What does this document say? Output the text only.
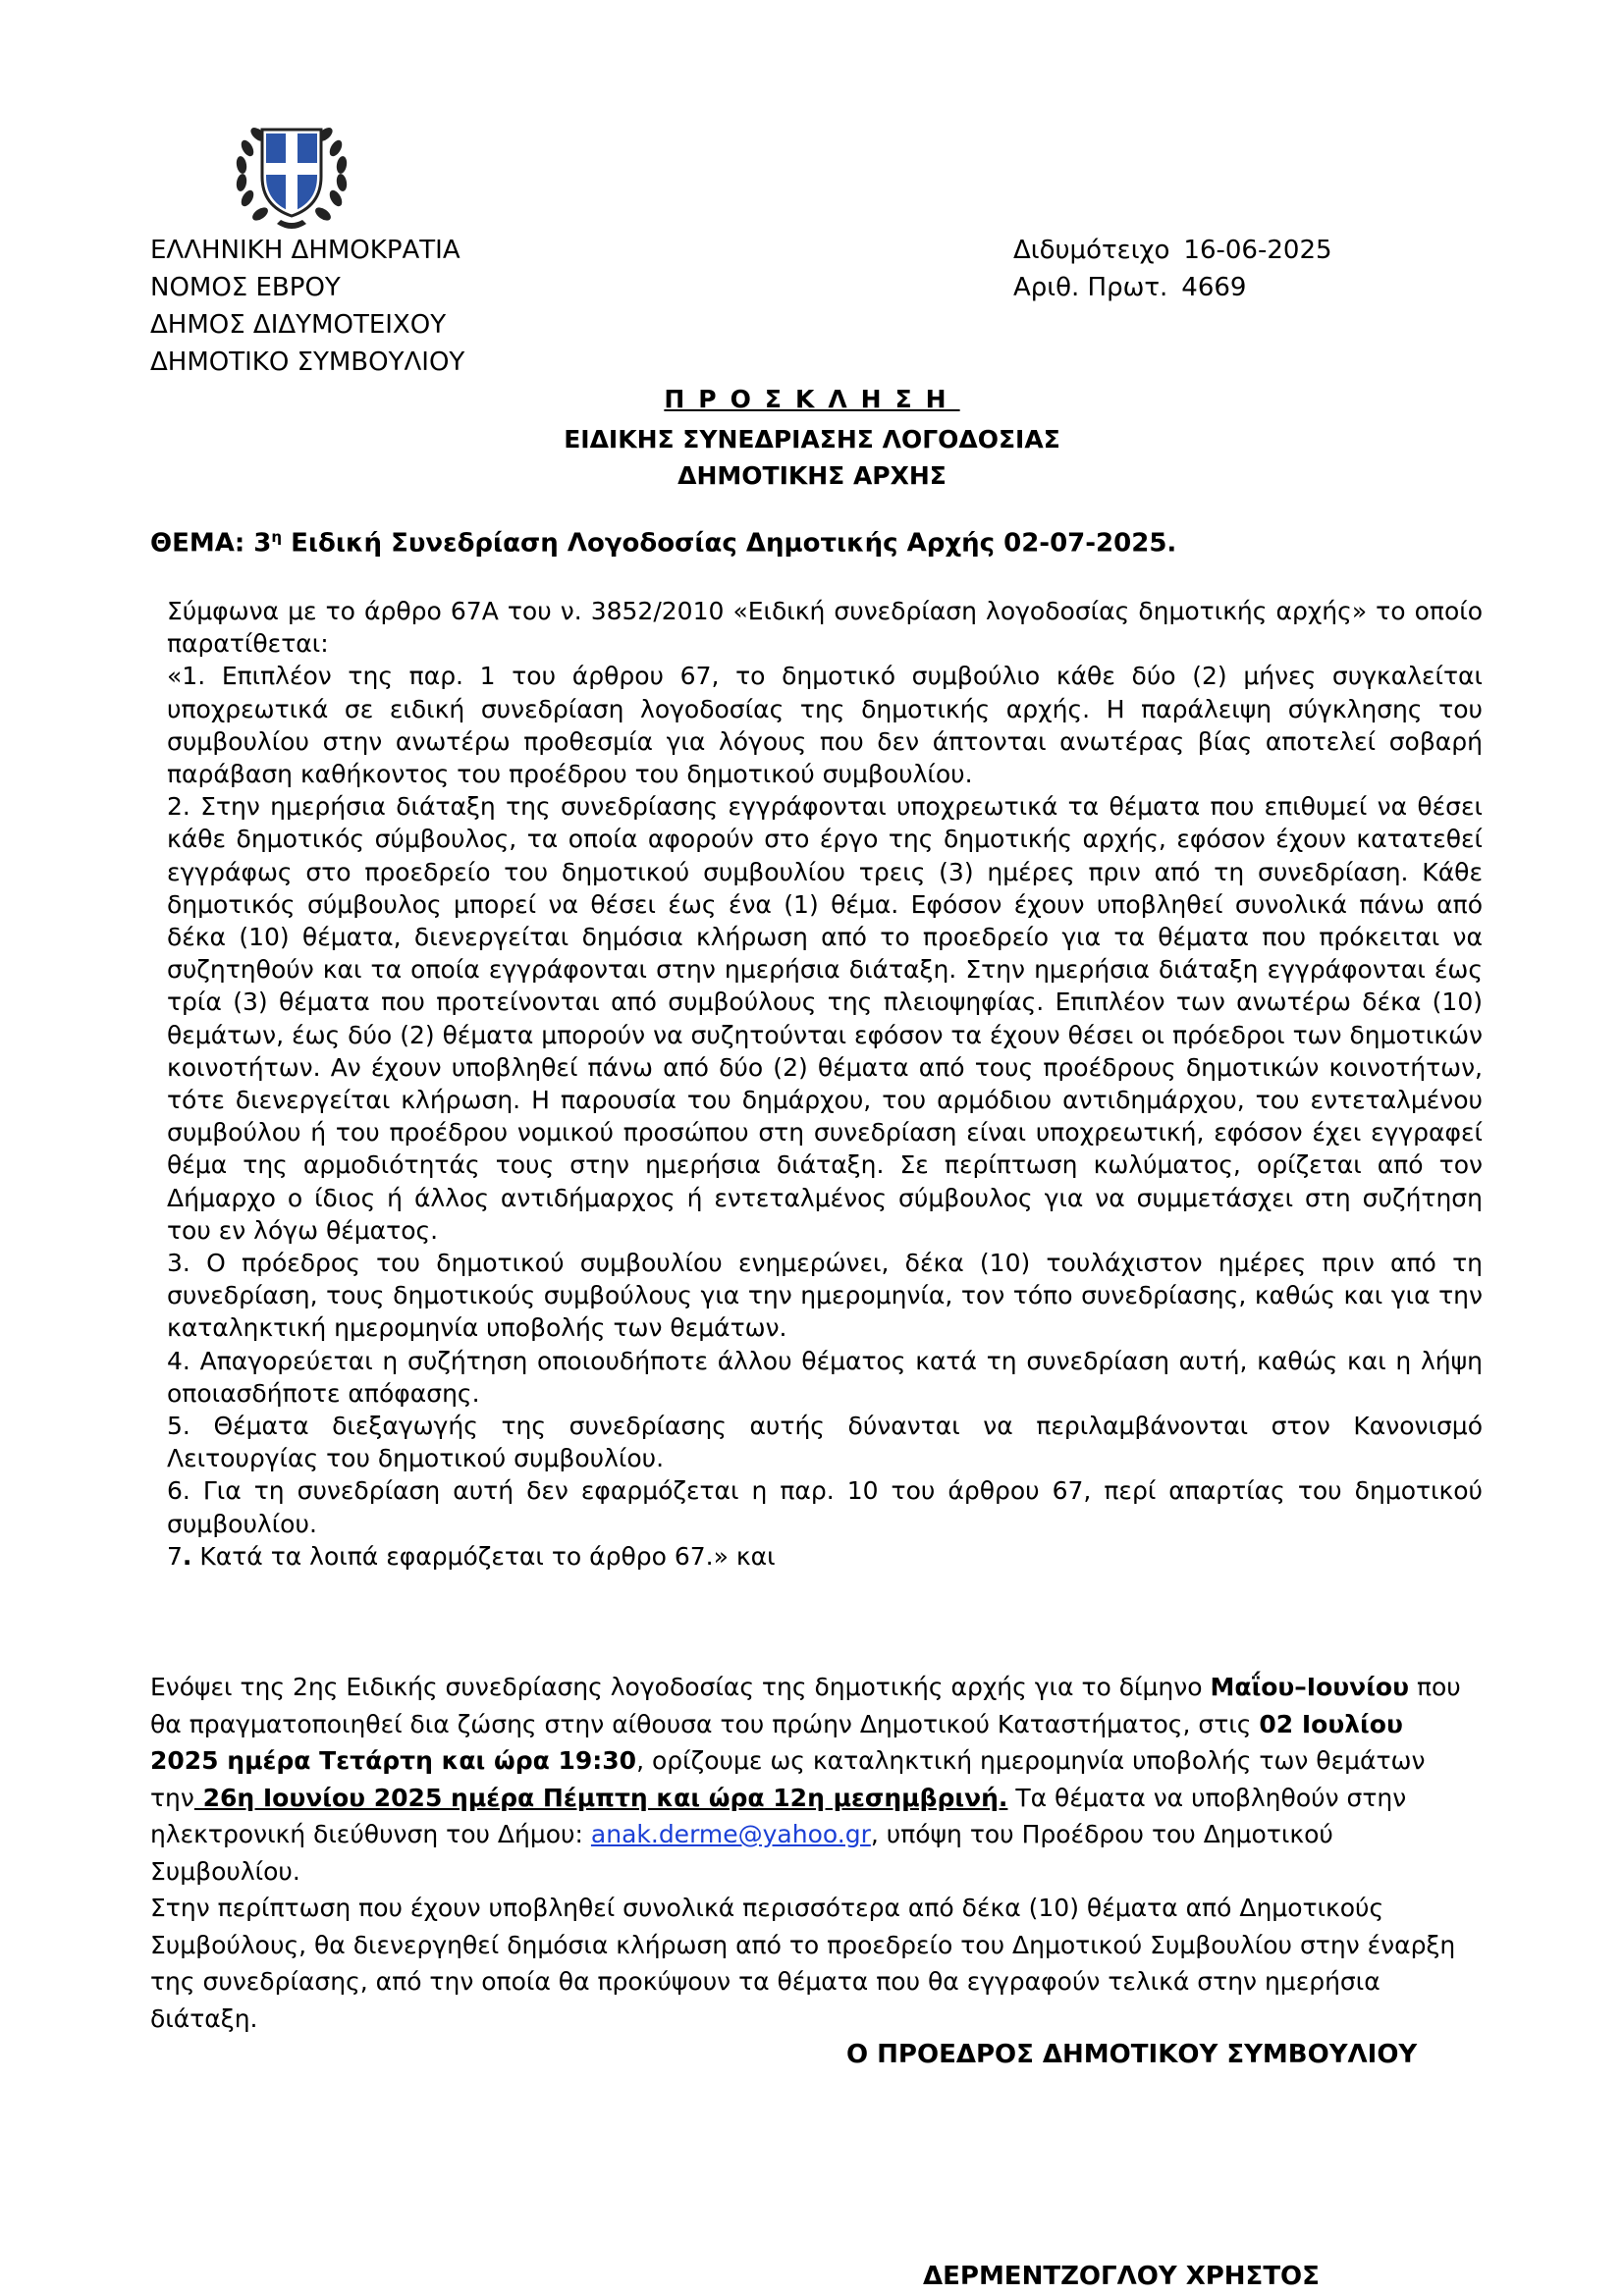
ΕΛΛΗΝΙΚΗ ΔΗΜΟΚΡΑΤΙΑ
ΝΟΜΟΣ ΕΒΡΟΥ
ΔΗΜΟΣ ΔΙΔΥΜΟΤΕΙΧΟΥ
ΔΗΜΟΤΙΚΟ ΣΥΜΒΟΥΛΙΟΥ
Διδυμότειχο 16-06-2025
Αριθ. Πρωτ. 4669
ΠΡΟΣΚΛΗΣΗ
ΕΙΔΙΚΗΣ ΣΥΝΕΔΡΙΑΣΗΣ ΛΟΓΟΔΟΣΙΑΣ
ΔΗΜΟΤΙΚΗΣ ΑΡΧΗΣ
ΘΕΜΑ: $3^\eta$ Ειδική Συνεδρίαση Λογοδοσίας Δημοτικής Αρχής 02-07-2025.

Σύμφωνα με το άρθρο 67Α του ν. 3852/2010 «Ειδική συνεδρίαση λογοδοσίας δημοτικής αρχής» το οποίο παρατίθεται:

«1. Επιπλέον της παρ. 1 του άρθρου 67, το δημοτικό συμβούλιο κάθε δύο (2) μήνες συγκαλείται υποχρεωτικά σε ειδική συνεδρίαση λογοδοσίας της δημοτικής αρχής. Η παράλειψη σύγκλησης του συμβουλίου στην ανωτέρω προθεσμία για λόγους που δεν άπτονται ανωτέρας βίας αποτελεί σοβαρή παράβαση καθήκοντος του προέδρου του δημοτικού συμβουλίου.

2. Στην ημερήσια διάταξη της συνεδρίασης εγγράφονται υποχρεωτικά τα θέματα που επιθυμεί να θέσει κάθε δημοτικός σύμβουλος, τα οποία αφορούν στο έργο της δημοτικής αρχής, εφόσον έχουν κατατεθεί εγγράφως στο προεδρείο του δημοτικού συμβουλίου τρεις (3) ημέρες πριν από τη συνεδρίαση. Κάθε δημοτικός σύμβουλος μπορεί να θέσει έως ένα (1) θέμα. Εφόσον έχουν υποβληθεί συνολικά πάνω από δέκα (10) θέματα, διενεργείται δημόσια κλήρωση από το προεδρείο για τα θέματα που πρόκειται να συζητηθούν και τα οποία εγγράφονται στην ημερήσια διάταξη. Στην ημερήσια διάταξη εγγράφονται έως τρία (3) θέματα που προτείνονται από συμβούλους της πλειοψηφίας. Επιπλέον των ανωτέρω δέκα (10) θεμάτων, έως δύο (2) θέματα μπορούν να συζητούνται εφόσον τα έχουν θέσει οι πρόεδροι των δημοτικών κοινοτήτων. Αν έχουν υποβληθεί πάνω από δύο (2) θέματα από τους προέδρους δημοτικών κοινοτήτων, τότε διενεργείται κλήρωση. Η παρουσία του δημάρχου, του αρμόδιου αντιδημάρχου, του εντεταλμένου συμβούλου ή του προέδρου νομικού προσώπου στη συνεδρίαση είναι υποχρεωτική, εφόσον έχει εγγραφεί θέμα της αρμοδιότητάς τους στην ημερήσια διάταξη. Σε περίπτωση κωλύματος, ορίζεται από τον Δήμαρχο ο ίδιος ή άλλος αντιδήμαρχος ή εντεταλμένος σύμβουλος για να συμμετάσχει στη συζήτηση του εν λόγω θέματος.

3. Ο πρόεδρος του δημοτικού συμβουλίου ενημερώνει, δέκα (10) τουλάχιστον ημέρες πριν από τη συνεδρίαση, τους δημοτικούς συμβούλους για την ημερομηνία, τον τόπο συνεδρίασης, καθώς και για την καταληκτική ημερομηνία υποβολής των θεμάτων.

4. Απαγορεύεται η συζήτηση οποιουδήποτε άλλου θέματος κατά τη συνεδρίαση αυτή, καθώς και η λήψη οποιασδήποτε απόφασης.

5. Θέματα διεξαγωγής της συνεδρίασης αυτής δύνανται να περιλαμβάνονται στον Κανονισμό Λειτουργίας του δημοτικού συμβουλίου.

6. Για τη συνεδρίαση αυτή δεν εφαρμόζεται η παρ. 10 του άρθρου 67, περί απαρτίας του δημοτικού συμβουλίου.

7. Κατά τα λοιπά εφαρμόζεται το άρθρο 67.» και

Ενόψει της 2ης Ειδικής συνεδρίασης λογοδοσίας της δημοτικής αρχής για το δίμηνο Μαΐου–Ιουνίου που θα πραγματοποιηθεί δια ζώσης στην αίθουσα του πρώην Δημοτικού Καταστήματος, στις 02 Ιουλίου 2025 ημέρα Τετάρτη και ώρα 19:30, ορίζουμε ως καταληκτική ημερομηνία υποβολής των θεμάτων την 26η Ιουνίου 2025 ημέρα Πέμπτη και ώρα 12η μεσημβρινή. Τα θέματα να υποβληθούν στην ηλεκτρονική διεύθυνση του Δήμου: anak.derme@yahoo.gr, υπόψη του Προέδρου του Δημοτικού Συμβουλίου.

Στην περίπτωση που έχουν υποβληθεί συνολικά περισσότερα από δέκα (10) θέματα από Δημοτικούς Συμβούλους, θα διενεργηθεί δημόσια κλήρωση από το προεδρείο του Δημοτικού Συμβουλίου στην έναρξη της συνεδρίασης, από την οποία θα προκύψουν τα θέματα που θα εγγραφούν τελικά στην ημερήσια διάταξη.

Ο ΠΡΟΕΔΡΟΣ ΔΗΜΟΤΙΚΟΥ ΣΥΜΒΟΥΛΙΟΥ
ΔΕΡΜΕΝΤΖΟΓΛΟΥ ΧΡΗΣΤΟΣ
